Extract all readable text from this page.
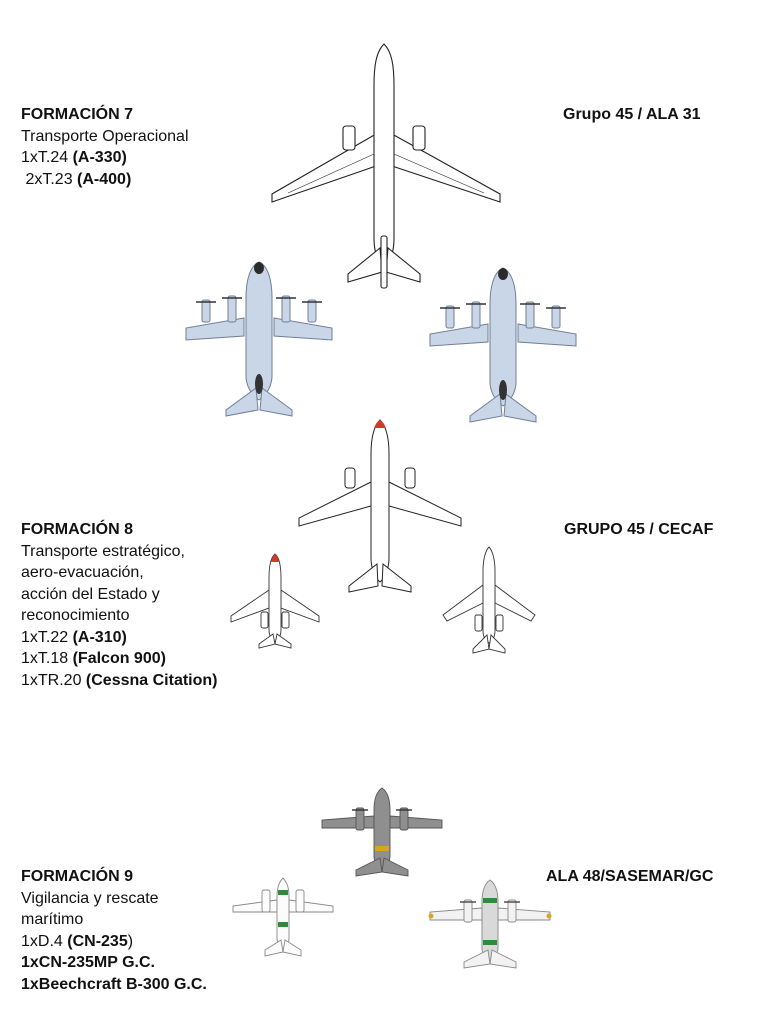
FORMACIÓN 7
Transporte Operacional
1xT.24 (A-330)
2xT.23 (A-400)
Grupo 45 / ALA 31
FORMACIÓN 8
Transporte estratégico,
aero-evacuación,
acción del Estado y
reconocimiento
1xT.22 (A-310)
1xT.18 (Falcon 900)
1xTR.20 (Cessna Citation)
GRUPO 45 / CECAF
FORMACIÓN 9
Vigilancia y rescate
marítimo
1xD.4 (CN-235)
1xCN-235MP G.C.
1xBeechcraft B-300 G.C.
ALA 48/SASEMAR/GC
